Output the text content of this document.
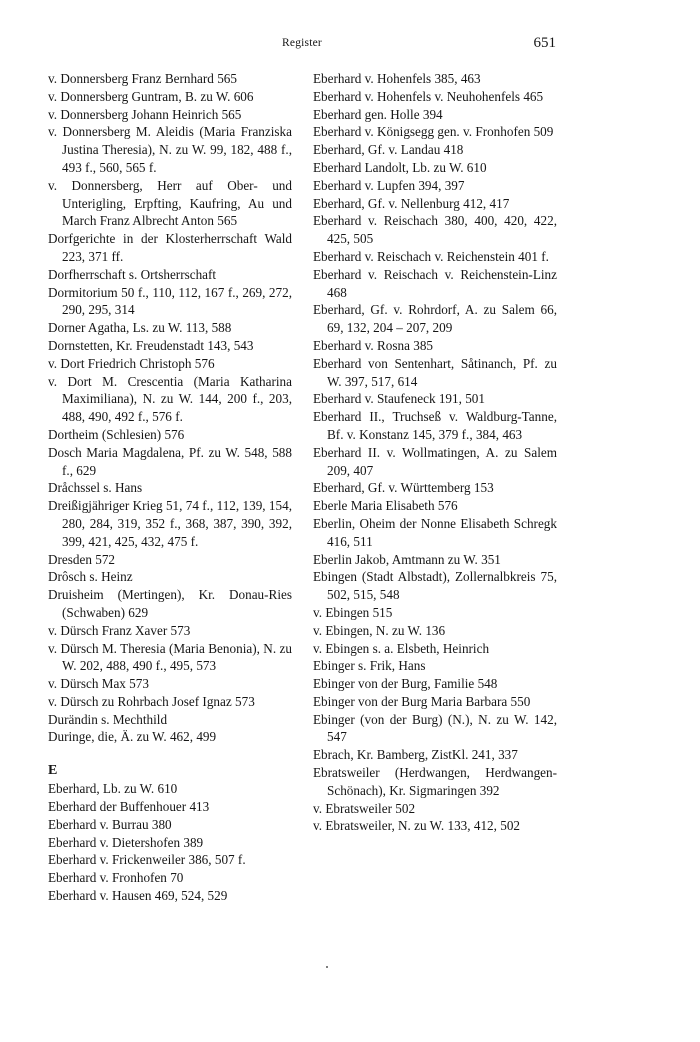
Register	651
v. Donnersberg Franz Bernhard 565
v. Donnersberg Guntram, B. zu W. 606
v. Donnersberg Johann Heinrich 565
v. Donnersberg M. Aleidis (Maria Franziska Justina Theresia), N. zu W. 99, 182, 488 f., 493 f., 560, 565 f.
v. Donnersberg, Herr auf Ober- und Unterigling, Erpfting, Kaufring, Au und March Franz Albrecht Anton 565
Dorfgerichte in der Klosterherrschaft Wald 223, 371 ff.
Dorfherrschaft s. Ortsherrschaft
Dormitorium 50 f., 110, 112, 167 f., 269, 272, 290, 295, 314
Dorner Agatha, Ls. zu W. 113, 588
Dornstetten, Kr. Freudenstadt 143, 543
v. Dort Friedrich Christoph 576
v. Dort M. Crescentia (Maria Katharina Maximiliana), N. zu W. 144, 200 f., 203, 488, 490, 492 f., 576 f.
Dortheim (Schlesien) 576
Dosch Maria Magdalena, Pf. zu W. 548, 588 f., 629
Dråchssel s. Hans
Dreißigjähriger Krieg 51, 74 f., 112, 139, 154, 280, 284, 319, 352 f., 368, 387, 390, 392, 399, 421, 425, 432, 475 f.
Dresden 572
Drôsch s. Heinz
Druisheim (Mertingen), Kr. Donau-Ries (Schwaben) 629
v. Dürsch Franz Xaver 573
v. Dürsch M. Theresia (Maria Benonia), N. zu W. 202, 488, 490 f., 495, 573
v. Dürsch Max 573
v. Dürsch zu Rohrbach Josef Ignaz 573
Durändin s. Mechthild
Duringe, die, Ä. zu W. 462, 499
E
Eberhard, Lb. zu W. 610
Eberhard der Buffenhouer 413
Eberhard v. Burrau 380
Eberhard v. Dietershofen 389
Eberhard v. Frickenweiler 386, 507 f.
Eberhard v. Fronhofen 70
Eberhard v. Hausen 469, 524, 529
Eberhard v. Hohenfels 385, 463
Eberhard v. Hohenfels v. Neuhohenfels 465
Eberhard gen. Holle 394
Eberhard v. Königsegg gen. v. Fronhofen 509
Eberhard, Gf. v. Landau 418
Eberhard Landolt, Lb. zu W. 610
Eberhard v. Lupfen 394, 397
Eberhard, Gf. v. Nellenburg 412, 417
Eberhard v. Reischach 380, 400, 420, 422, 425, 505
Eberhard v. Reischach v. Reichenstein 401 f.
Eberhard v. Reischach v. Reichenstein-Linz 468
Eberhard, Gf. v. Rohrdorf, A. zu Salem 66, 69, 132, 204 – 207, 209
Eberhard v. Rosna 385
Eberhard von Sentenhart, Såtinanch, Pf. zu W. 397, 517, 614
Eberhard v. Staufeneck 191, 501
Eberhard II., Truchseß v. Waldburg-Tanne, Bf. v. Konstanz 145, 379 f., 384, 463
Eberhard II. v. Wollmatingen, A. zu Salem 209, 407
Eberhard, Gf. v. Württemberg 153
Eberle Maria Elisabeth 576
Eberlin, Oheim der Nonne Elisabeth Schregk 416, 511
Eberlin Jakob, Amtmann zu W. 351
Ebingen (Stadt Albstadt), Zollernalbkreis 75, 502, 515, 548
v. Ebingen 515
v. Ebingen, N. zu W. 136
v. Ebingen s. a. Elsbeth, Heinrich
Ebinger s. Frik, Hans
Ebinger von der Burg, Familie 548
Ebinger von der Burg Maria Barbara 550
Ebinger (von der Burg) (N.), N. zu W. 142, 547
Ebrach, Kr. Bamberg, ZistKl. 241, 337
Ebratsweiler (Herdwangen, Herdwangen-Schönach), Kr. Sigmaringen 392
v. Ebratsweiler 502
v. Ebratsweiler, N. zu W. 133, 412, 502
